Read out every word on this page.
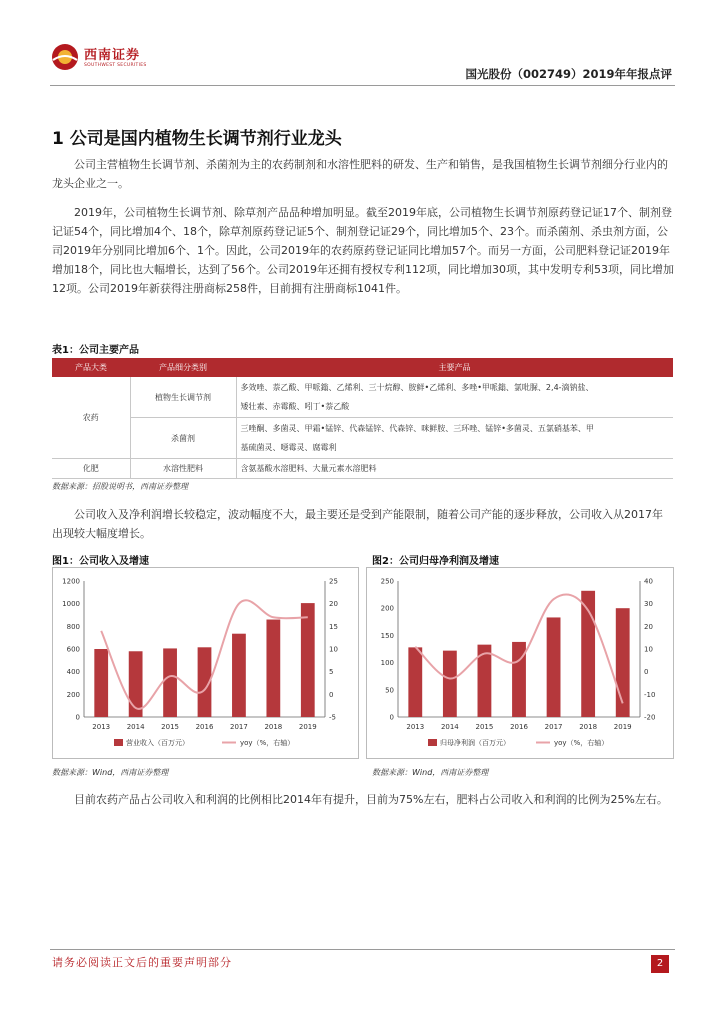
西南证券
SOUTHWEST SECURITIES
国光股份（002749）2019年年报点评
1 公司是国内植物生长调节剂行业龙头
公司主营植物生长调节剂、杀菌剂为主的农药制剂和水溶性肥料的研发、生产和销售，是我国植物生长调节剂细分行业内的龙头企业之一。
2019年，公司植物生长调节剂、除草剂产品品种增加明显。截至2019年底，公司植物生长调节剂原药登记证17个、制剂登记证54个，同比增加4个、18个，除草剂原药登记证5个、制剂登记证29个，同比增加5个、23个。而杀菌剂、杀虫剂方面，公司2019年分别同比增加6个、1个。因此，公司2019年的农药原药登记证同比增加57个。而另一方面，公司肥料登记证2019年增加18个，同比也大幅增长，达到了56个。公司2019年还拥有授权专利112项，同比增加30项，其中发明专利53项，同比增加12项。公司2019年新获得注册商标258件，目前拥有注册商标1041件。
表1：公司主要产品
产品大类	产品细分类别	主要产品
农药	植物生长调节剂	多效唑、萘乙酸、甲哌鎓、乙烯利、三十烷醇、胺鲜•乙烯利、多唑•甲哌鎓、氯吡脲、2,4-滴钠盐、
矮壮素、赤霉酸、吲丁•萘乙酸

	杀菌剂	三唑酮、多菌灵、甲霜•锰锌、代森锰锌、代森锌、咪鲜胺、三环唑、锰锌•多菌灵、五氯硝基苯、甲
基硫菌灵、噁霉灵、腐霉利

化肥	水溶性肥料	含氨基酸水溶肥料、大量元素水溶肥料
数据来源：招股说明书，西南证券整理
公司收入及净利润增长较稳定，波动幅度不大，最主要还是受到产能限制，随着公司产能的逐步释放，公司收入从2017年 出现较大幅度增长。
图1：公司收入及增速
1200
1000
800
600
400
200
0
25
20
15
10
5
0
-5
2013 2014 2015 2016 2017 2018 2019
营业收入（百万元）	yoy（%，右轴）
数据来源：Wind，西南证券整理
图2：公司归母净利润及增速
250
200
150
100
50
0
40
30
20
10
0
-10
-20
2013 2014 2015 2016 2017 2018 2019
归母净利润（百万元）	yoy（%，右轴）
数据来源：Wind，西南证券整理
目前农药产品占公司收入和利润的比例相比2014年有提升，目前为75%左右，肥料占公司收入和利润的比例为25%左右。
请务必阅读正文后的重要声明部分	2
